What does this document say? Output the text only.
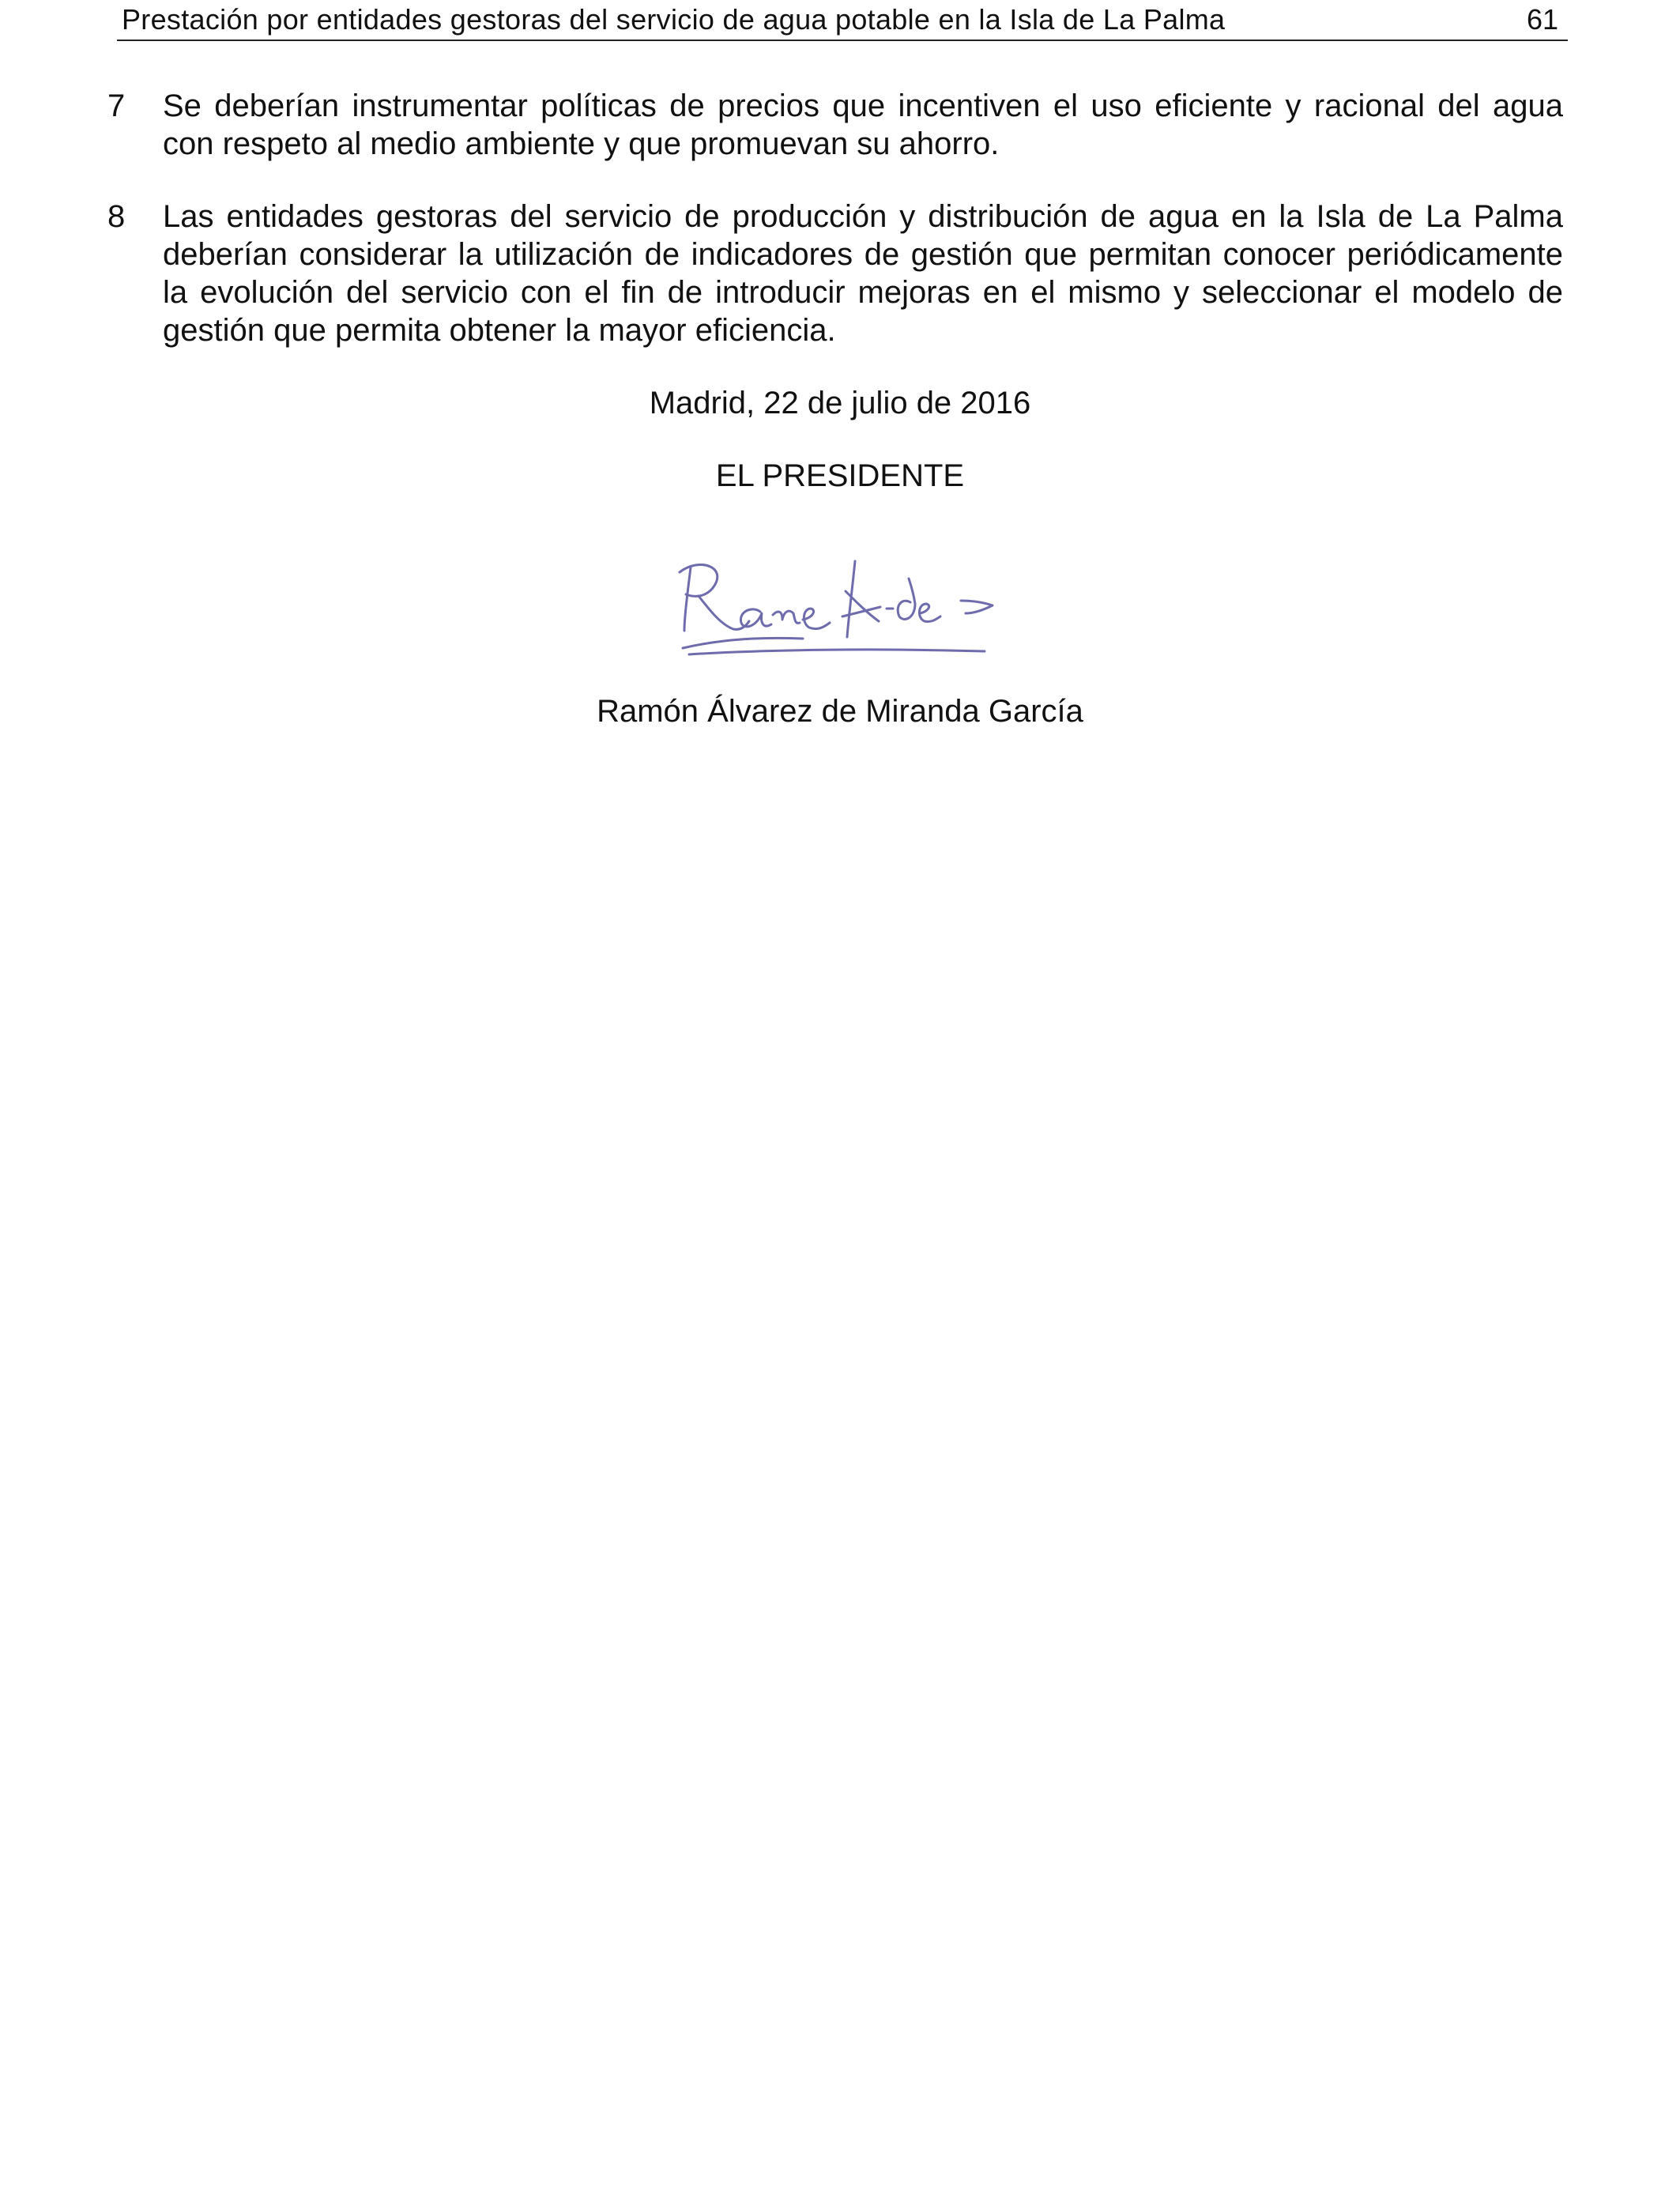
Prestación por entidades gestoras del servicio de agua potable en la Isla de La Palma	61
7	Se deberían instrumentar políticas de precios que incentiven el uso eficiente y racional del agua con respeto al medio ambiente y que promuevan su ahorro.
8	Las entidades gestoras del servicio de producción y distribución de agua en la Isla de La Palma deberían considerar la utilización de indicadores de gestión que permitan conocer periódicamente la evolución del servicio con el fin de introducir mejoras en el mismo y seleccionar el modelo de gestión que permita obtener la mayor eficiencia.
Madrid, 22 de julio de 2016
EL PRESIDENTE
Ramón Álvarez de Miranda García
